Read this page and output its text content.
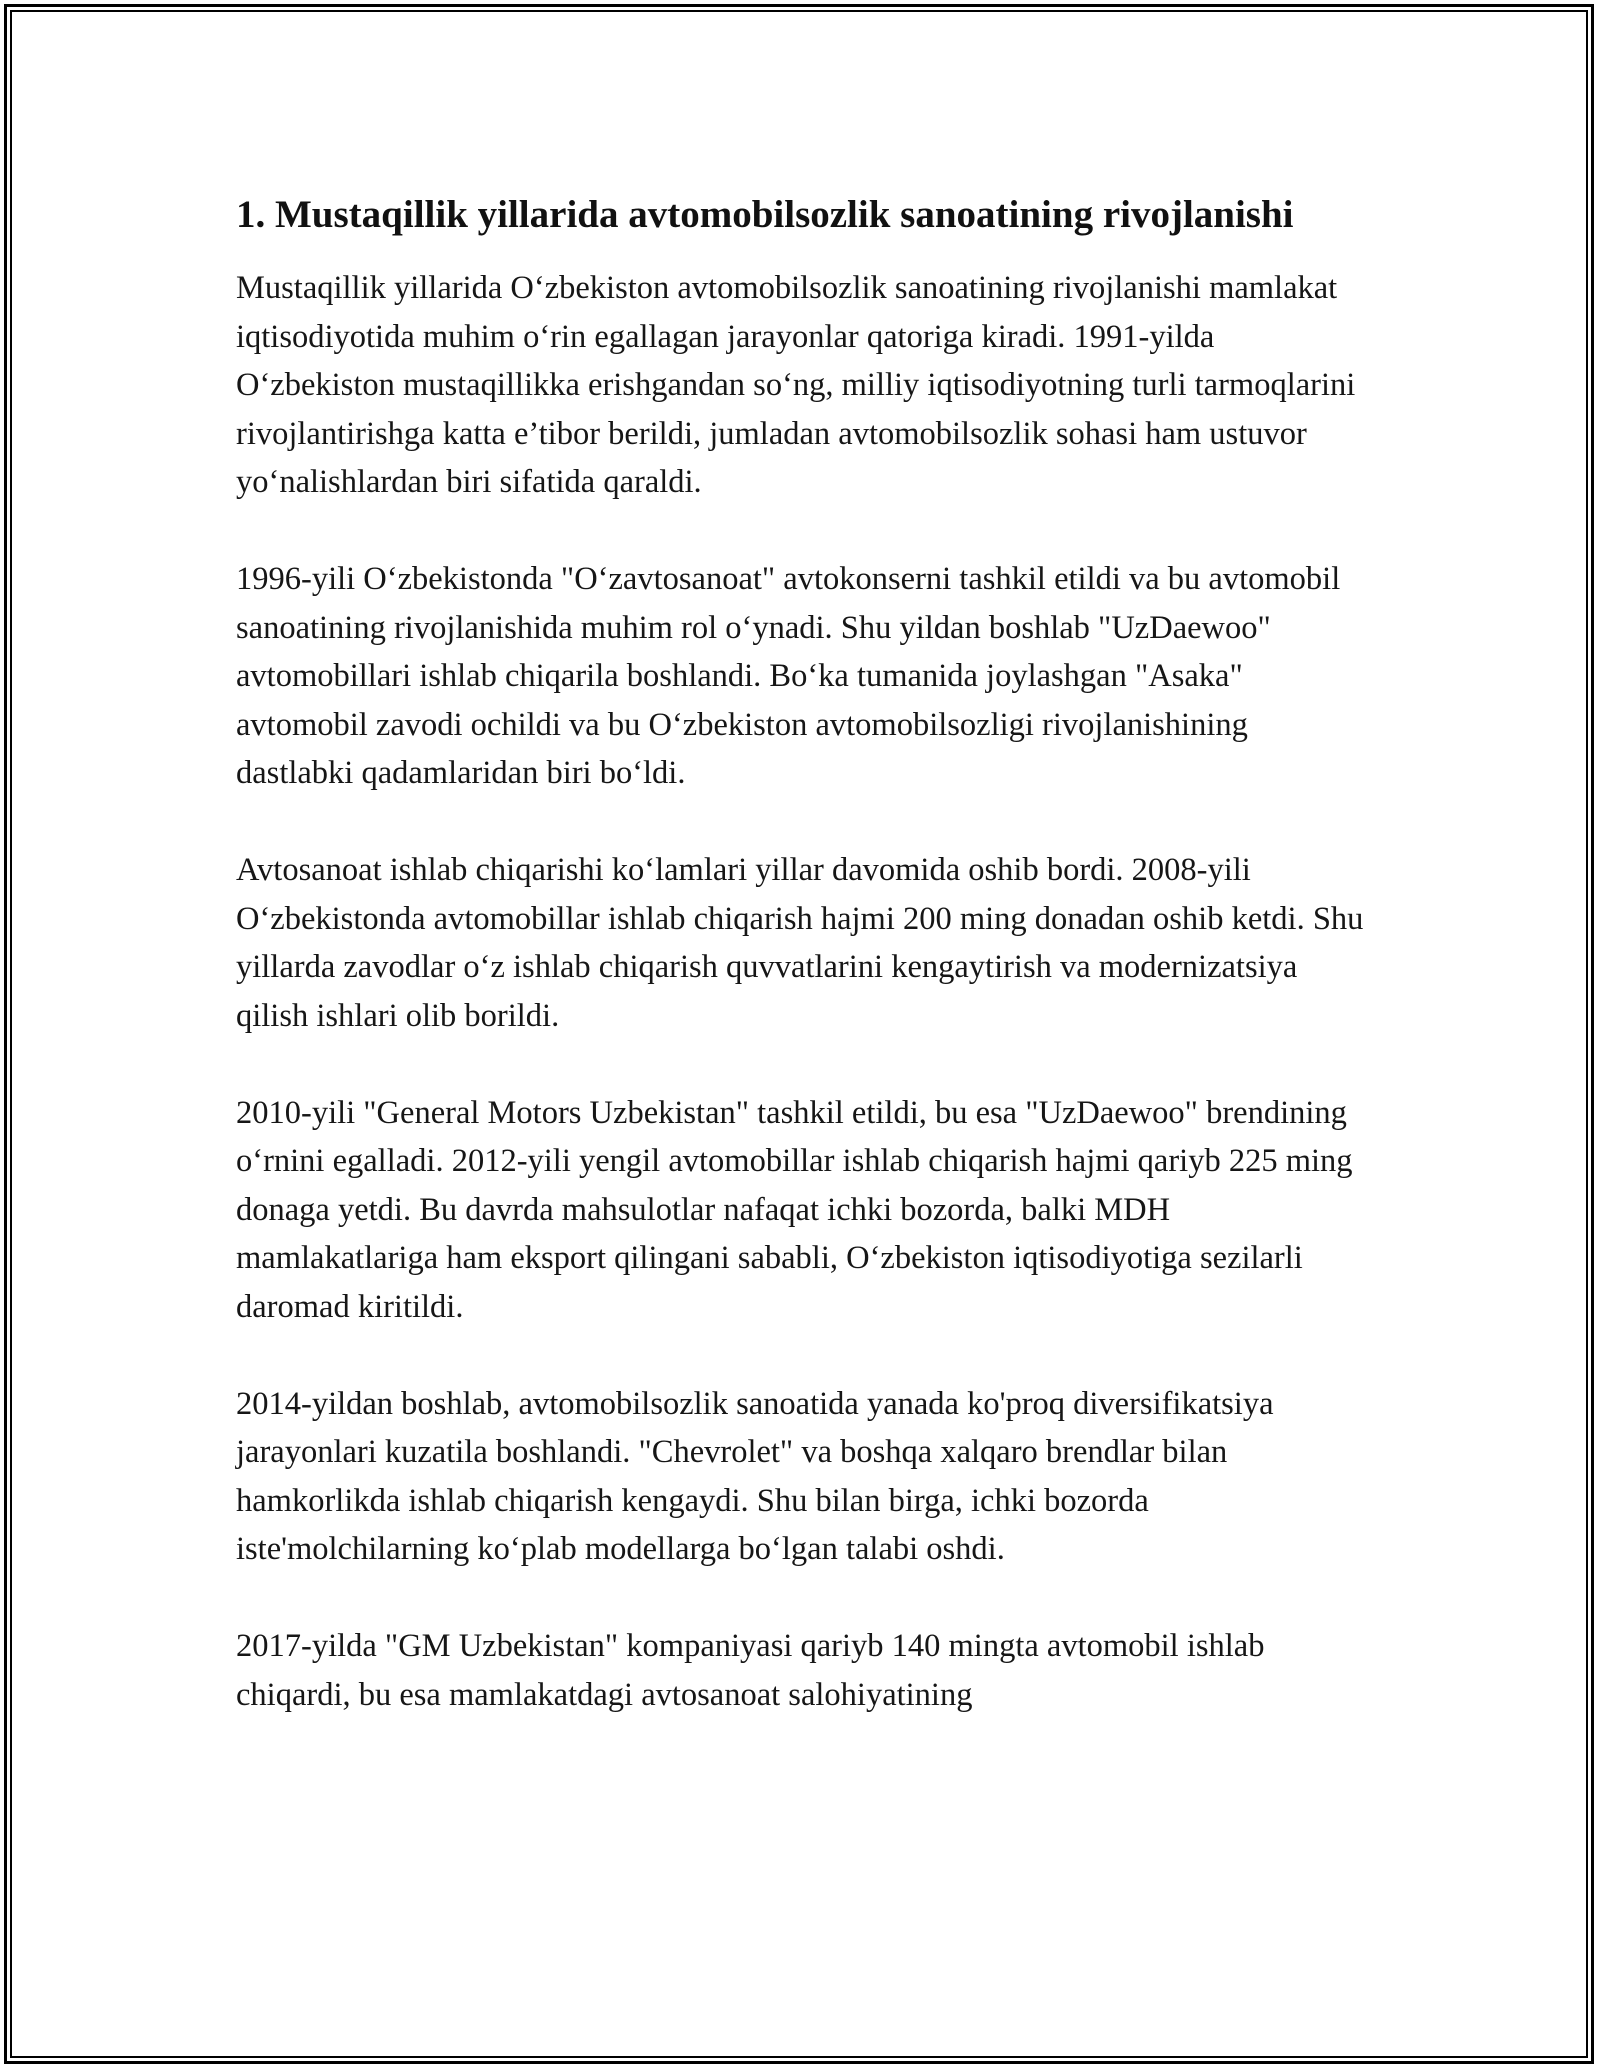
1. Mustaqillik yillarida avtomobilsozlik sanoatining rivojlanishi

Mustaqillik yillarida O‘zbekiston avtomobilsozlik sanoatining rivojlanishi mamlakat iqtisodiyotida muhim o‘rin egallagan jarayonlar qatoriga kiradi. 1991-yilda O‘zbekiston mustaqillikka erishgandan so‘ng, milliy iqtisodiyotning turli tarmoqlarini rivojlantirishga katta e’tibor berildi, jumladan avtomobilsozlik sohasi ham ustuvor yo‘nalishlardan biri sifatida qaraldi.

1996-yili O‘zbekistonda "O‘zavtosanoat" avtokonserni tashkil etildi va bu avtomobil sanoatining rivojlanishida muhim rol o‘ynadi. Shu yildan boshlab "UzDaewoo" avtomobillari ishlab chiqarila boshlandi. Bo‘ka tumanida joylashgan "Asaka" avtomobil zavodi ochildi va bu O‘zbekiston avtomobilsozligi rivojlanishining dastlabki qadamlaridan biri bo‘ldi.

Avtosanoat ishlab chiqarishi ko‘lamlari yillar davomida oshib bordi. 2008-yili O‘zbekistonda avtomobillar ishlab chiqarish hajmi 200 ming donadan oshib ketdi. Shu yillarda zavodlar o‘z ishlab chiqarish quvvatlarini kengaytirish va modernizatsiya qilish ishlari olib borildi.

2010-yili "General Motors Uzbekistan" tashkil etildi, bu esa "UzDaewoo" brendining o‘rnini egalladi. 2012-yili yengil avtomobillar ishlab chiqarish hajmi qariyb 225 ming donaga yetdi. Bu davrda mahsulotlar nafaqat ichki bozorda, balki MDH mamlakatlariga ham eksport qilingani sababli, O‘zbekiston iqtisodiyotiga sezilarli daromad kiritildi.

2014-yildan boshlab, avtomobilsozlik sanoatida yanada ko'proq diversifikatsiya jarayonlari kuzatila boshlandi. "Chevrolet" va boshqa xalqaro brendlar bilan hamkorlikda ishlab chiqarish kengaydi. Shu bilan birga, ichki bozorda iste'molchilarning ko‘plab modellarga bo‘lgan talabi oshdi.

2017-yilda "GM Uzbekistan" kompaniyasi qariyb 140 mingta avtomobil ishlab chiqardi, bu esa mamlakatdagi avtosanoat salohiyatining
